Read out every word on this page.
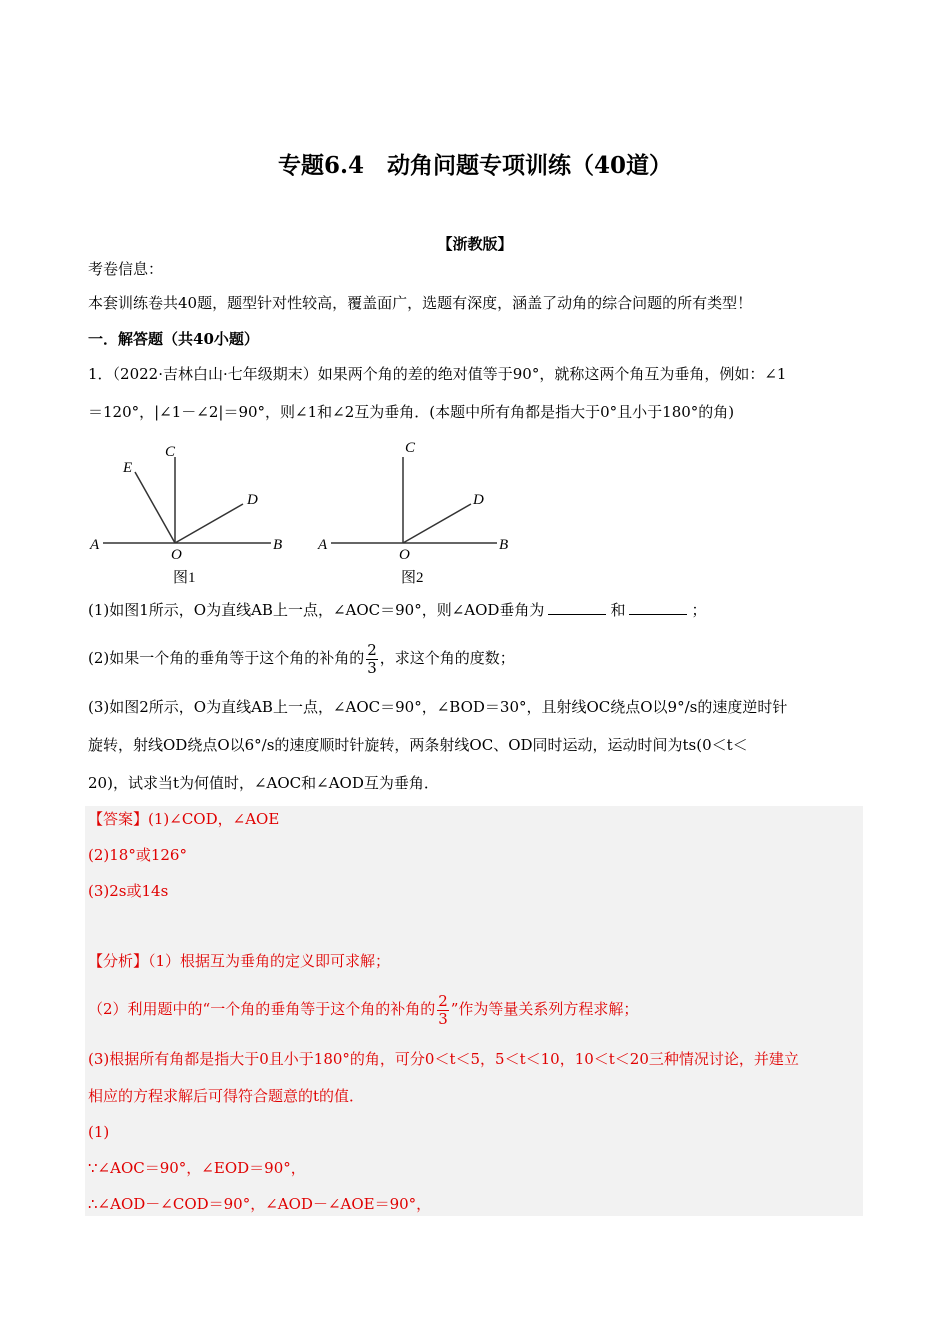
专题6.4　动角问题专项训练（40道）
【浙教版】
考卷信息：
本套训练卷共40题，题型针对性较高，覆盖面广，选题有深度，涵盖了动角的综合问题的所有类型！
一．解答题（共40小题）
1．（2022·吉林白山·七年级期末）如果两个角的差的绝对值等于90°，就称这两个角互为垂角，例如：∠1
＝120°，|∠1－∠2|＝90°，则∠1和∠2互为垂角．(本题中所有角都是指大于0°且小于180°的角)
A	B
O
C
D
E
图1
A	B
O
C
D
图2
(1)如图1所示，O为直线AB上一点，∠AOC＝90°，则∠AOD垂角为	和	；
(2)如果一个角的垂角等于这个角的补角的 $\frac{2}{3}$ ，求这个角的度数；
(3)如图2所示，O为直线AB上一点，∠AOC＝90°，∠BOD＝30°，且射线OC绕点O以9°/s的速度逆时针
旋转，射线OD绕点O以6°/s的速度顺时针旋转，两条射线OC、OD同时运动，运动时间为ts(0＜t＜
20)，试求当t为何值时，∠AOC和∠AOD互为垂角．
【答案】(1)∠COD，∠AOE
(2)18°或126°
(3)2s或14s
【分析】（1）根据互为垂角的定义即可求解；
（2）利用题中的“一个角的垂角等于这个角的补角的 $\frac{2}{3}$ ”作为等量关系列方程求解；
(3)根据所有角都是指大于0且小于180°的角，可分0＜t＜5，5＜t＜10，10＜t＜20三种情况讨论，并建立
相应的方程求解后可得符合题意的t的值．
(1)
∵∠AOC＝90°，∠EOD＝90°，
∴∠AOD－∠COD＝90°，∠AOD－∠AOE＝90°，
